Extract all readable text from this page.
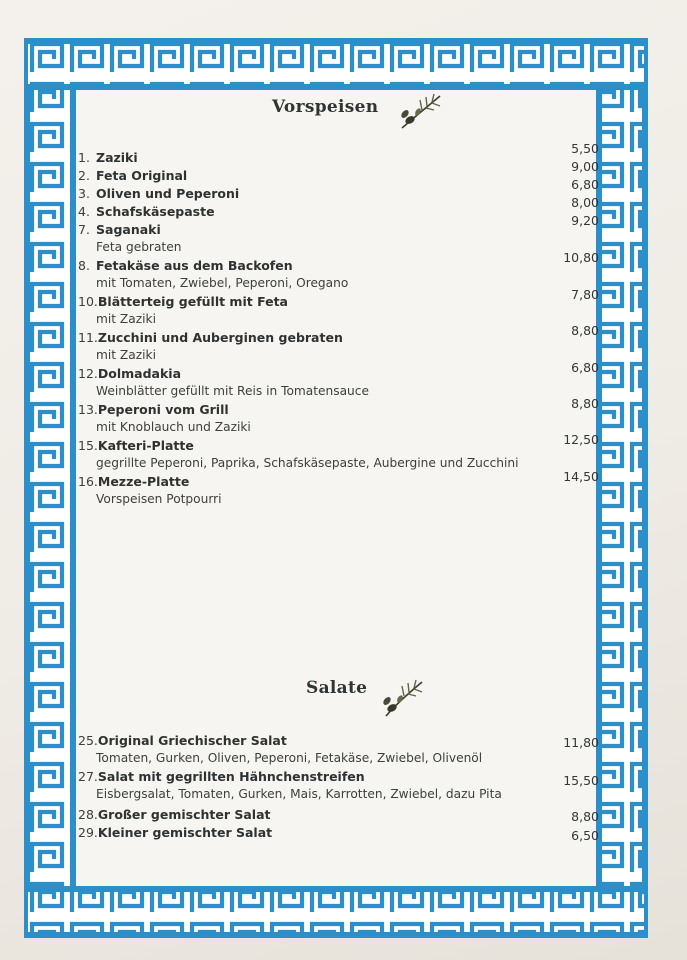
Vorspeisen
1.Zaziki
5,50
2.Feta Original
9,00
3.Oliven und Peperoni
6,80
4.Schafskäsepaste
8,00
7.Saganaki
Feta gebraten
9,20
8.Fetakäse aus dem Backofen
mit Tomaten, Zwiebel, Peperoni, Oregano
10,80
10.Blätterteig gefüllt mit Feta
mit Zaziki
7,80
11.Zucchini und Auberginen gebraten
mit Zaziki
8,80
12.Dolmadakia
Weinblätter gefüllt mit Reis in Tomatensauce
6,80
13.Peperoni vom Grill
mit Knoblauch und Zaziki
8,80
15.Kafteri-Platte
gegrillte Peperoni, Paprika, Schafskäsepaste, Aubergine und Zucchini
12,50
16.Mezze-Platte
Vorspeisen Potpourri
14,50
Salate
25.Original Griechischer Salat
Tomaten, Gurken, Oliven, Peperoni, Fetakäse, Zwiebel, Olivenöl
11,80
27.Salat mit gegrillten Hähnchenstreifen
Eisbergsalat, Tomaten, Gurken, Mais, Karrotten, Zwiebel, dazu Pita
15,50
28.Großer gemischter Salat	8,80
29.Kleiner gemischter Salat	6,50
